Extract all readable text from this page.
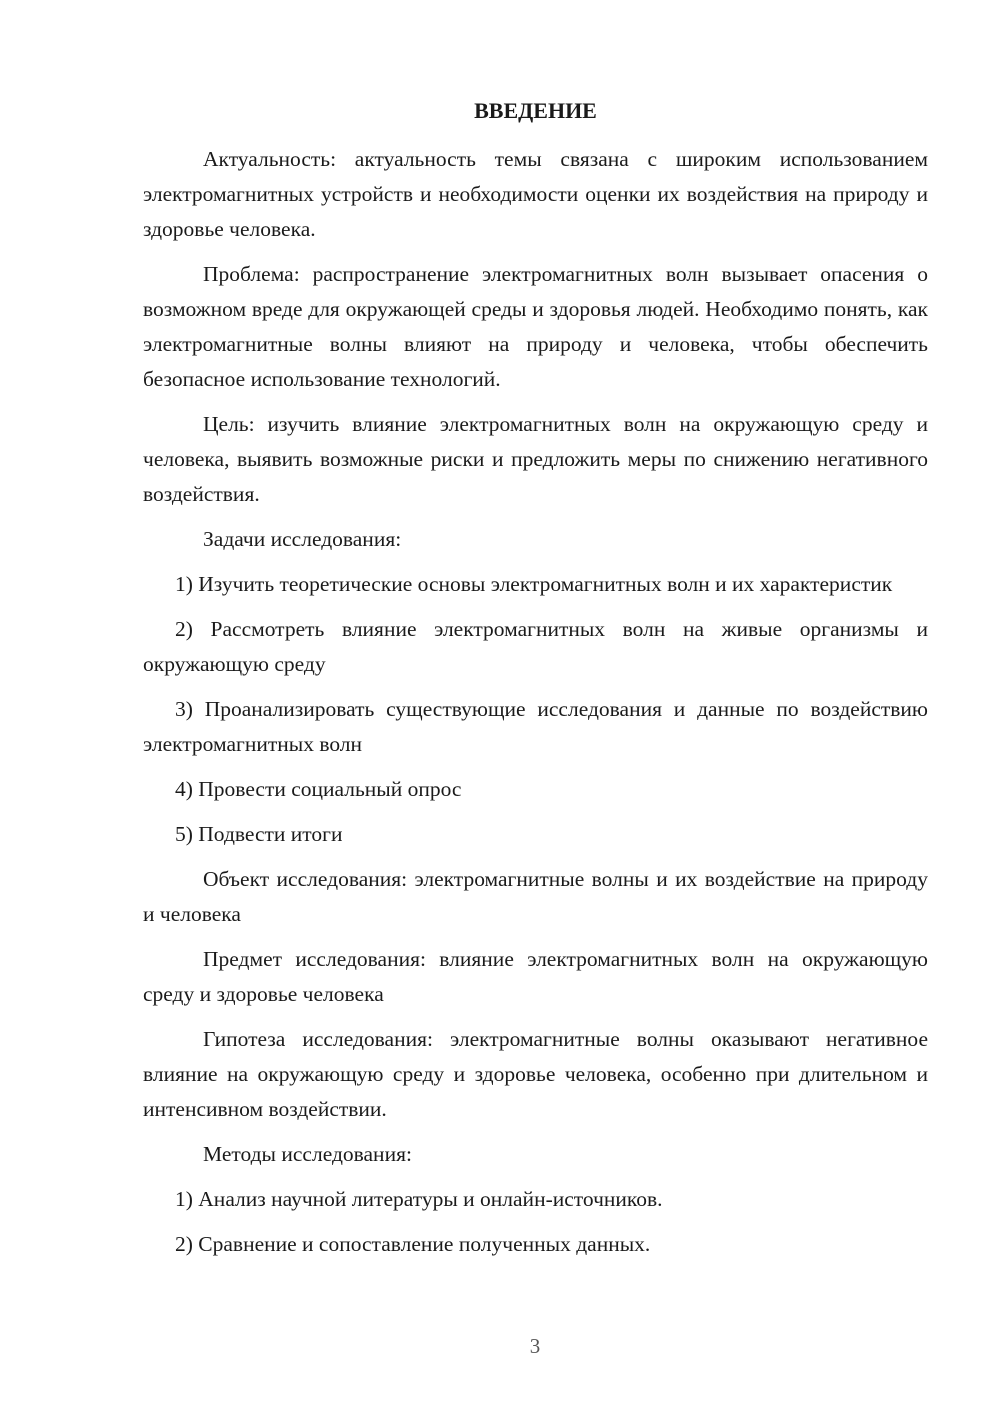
ВВЕДЕНИЕ

Актуальность: актуальность темы связана с широким использованием электромагнитных устройств и необходимости оценки их воздействия на природу и здоровье человека.

Проблема: распространение электромагнитных волн вызывает опасения о возможном вреде для окружающей среды и здоровья людей. Необходимо понять, как электромагнитные волны влияют на природу и человека, чтобы обеспечить безопасное использование технологий.

Цель: изучить влияние электромагнитных волн на окружающую среду и человека, выявить возможные риски и предложить меры по снижению негативного воздействия.

Задачи исследования:

1) Изучить теоретические основы электромагнитных волн и их характеристик

2) Рассмотреть влияние электромагнитных волн на живые организмы и окружающую среду

3) Проанализировать существующие исследования и данные по воздействию электромагнитных волн

4) Провести социальный опрос

5) Подвести итоги

Объект исследования: электромагнитные волны и их воздействие на природу и человека

Предмет исследования: влияние электромагнитных волн на окружающую среду и здоровье человека

Гипотеза исследования: электромагнитные волны оказывают негативное влияние на окружающую среду и здоровье человека, особенно при длительном и интенсивном воздействии.

Методы исследования:

1) Анализ научной литературы и онлайн-источников.

2) Сравнение и сопоставление полученных данных.

3
